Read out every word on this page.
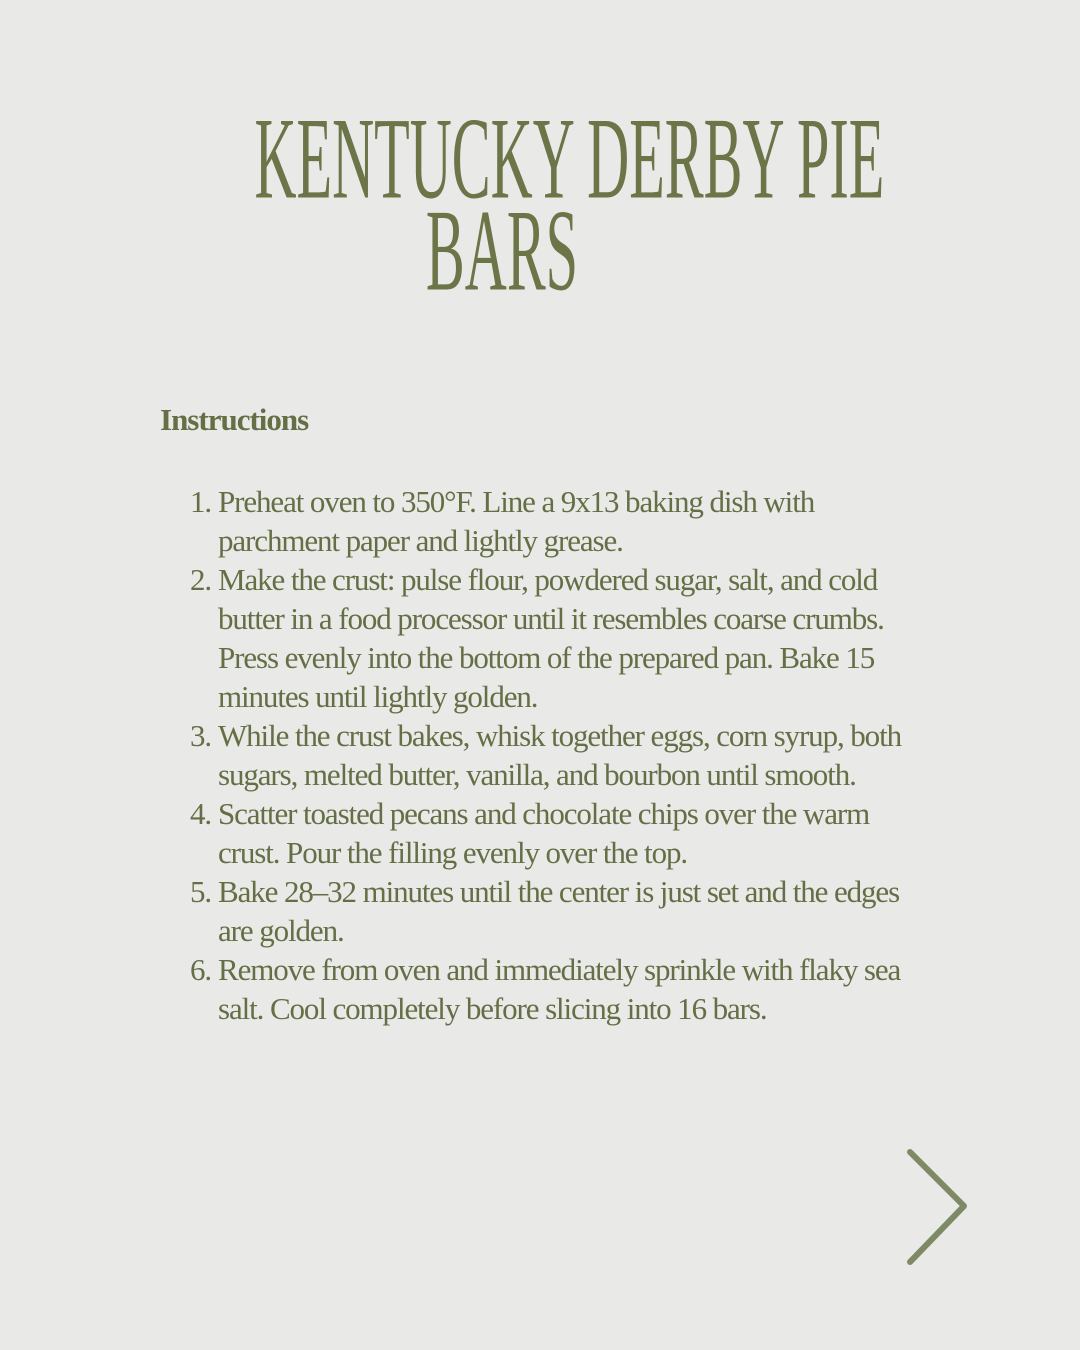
KENTUCKY DERBY PIE
BARS
Instructions
1. Preheat oven to 350°F. Line a 9x13 baking dish with parchment paper and lightly grease.
2. Make the crust: pulse flour, powdered sugar, salt, and cold butter in a food processor until it resembles coarse crumbs. Press evenly into the bottom of the prepared pan. Bake 15 minutes until lightly golden.
3. While the crust bakes, whisk together eggs, corn syrup, both sugars, melted butter, vanilla, and bourbon until smooth.
4. Scatter toasted pecans and chocolate chips over the warm crust. Pour the filling evenly over the top.
5. Bake 28–32 minutes until the center is just set and the edges are golden.
6. Remove from oven and immediately sprinkle with flaky sea salt. Cool completely before slicing into 16 bars.
